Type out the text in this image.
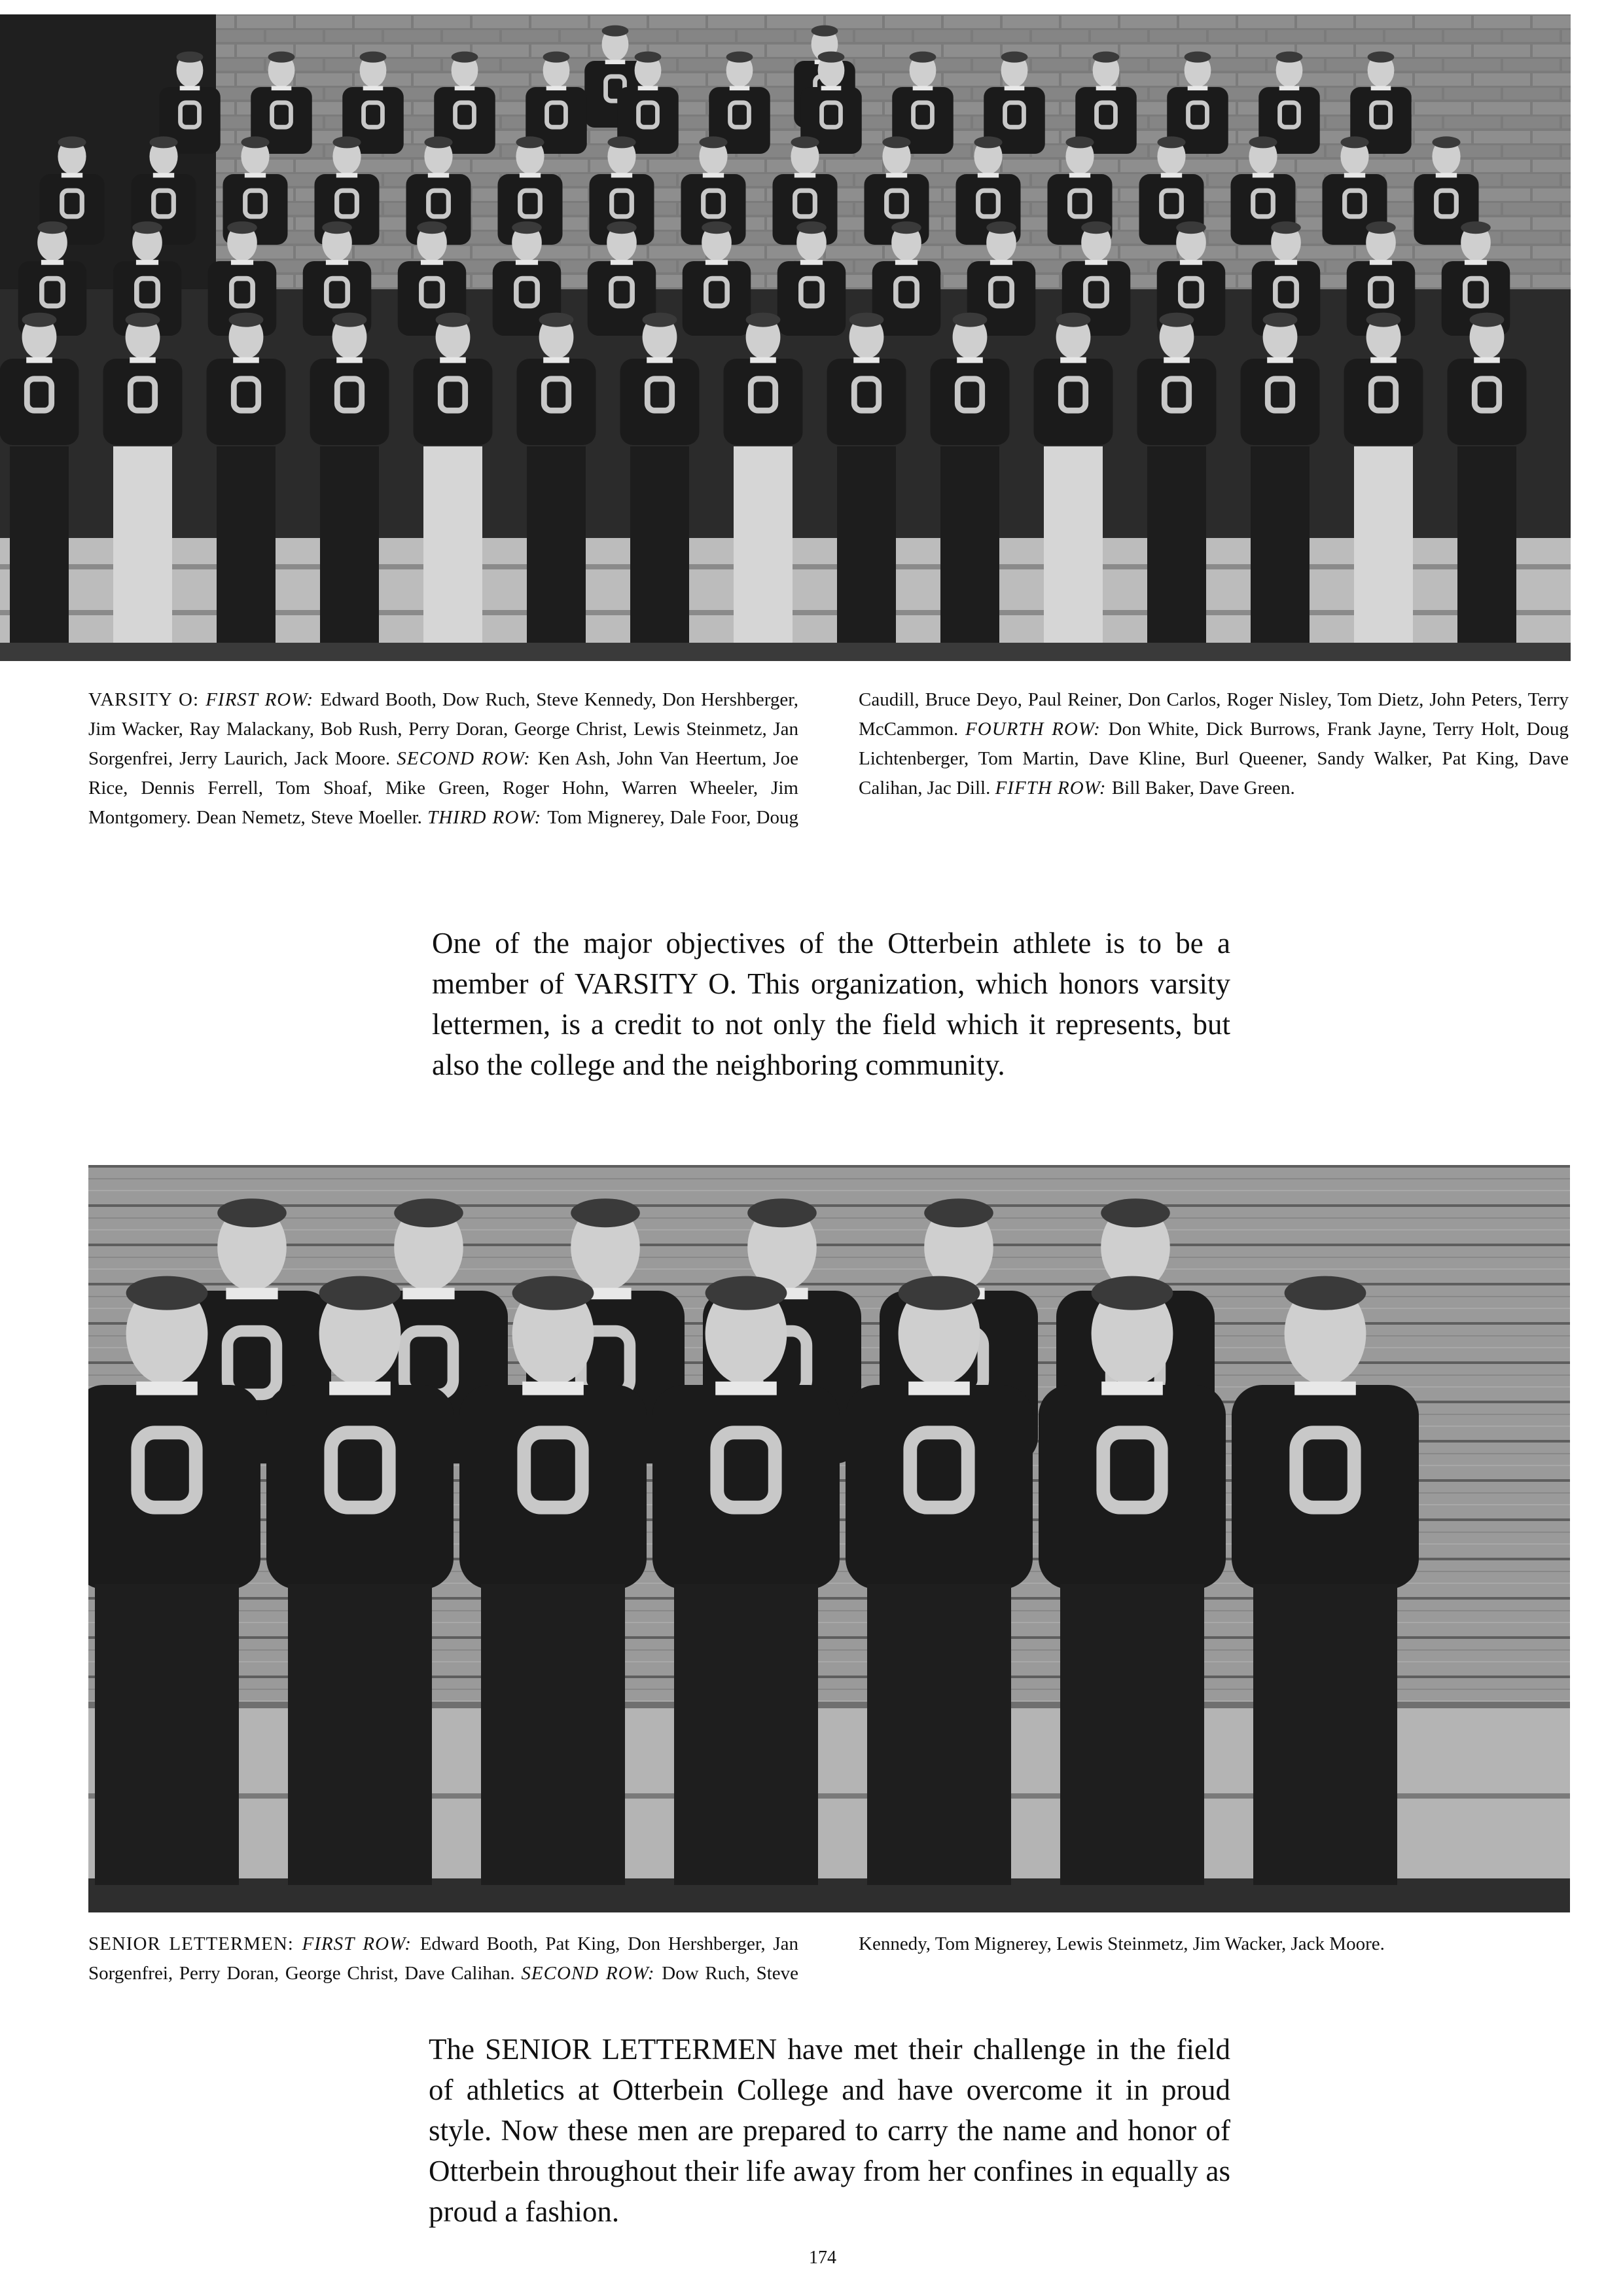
VARSITY O: FIRST ROW: Edward Booth, Dow Ruch, Steve Kennedy, Don Hershberger, Jim Wacker, Ray Malackany, Bob Rush, Perry Doran, George Christ, Lewis Steinmetz, Jan Sorgenfrei, Jerry Laurich, Jack Moore. SECOND ROW: Ken Ash, John Van Heertum, Joe Rice, Dennis Ferrell, Tom Shoaf, Mike Green, Roger Hohn, Warren Wheeler, Jim Montgomery. Dean Nemetz, Steve Moeller. THIRD ROW: Tom Mignerey, Dale Foor, Doug Caudill, Bruce Deyo, Paul Reiner, Don Carlos, Roger Nisley, Tom Dietz, John Peters, Terry McCammon. FOURTH ROW: Don White, Dick Burrows, Frank Jayne, Terry Holt, Doug Lichtenberger, Tom Martin, Dave Kline, Burl Queener, Sandy Walker, Pat King, Dave Calihan, Jac Dill. FIFTH ROW: Bill Baker, Dave Green.
One of the major objectives of the Otterbein athlete is to be a member of VARSITY O. This organization, which honors varsity lettermen, is a credit to not only the field which it represents, but also the college and the neighboring community.
SENIOR LETTERMEN: FIRST ROW: Edward Booth, Pat King, Don Hershberger, Jan Sorgenfrei, Perry Doran, George Christ, Dave Calihan. SECOND ROW: Dow Ruch, Steve Kennedy, Tom Mignerey, Lewis Steinmetz, Jim Wacker, Jack Moore.
The SENIOR LETTERMEN have met their challenge in the field of athletics at Otterbein College and have overcome it in proud style. Now these men are prepared to carry the name and honor of Otterbein throughout their life away from her confines in equally as proud a fashion.
174
